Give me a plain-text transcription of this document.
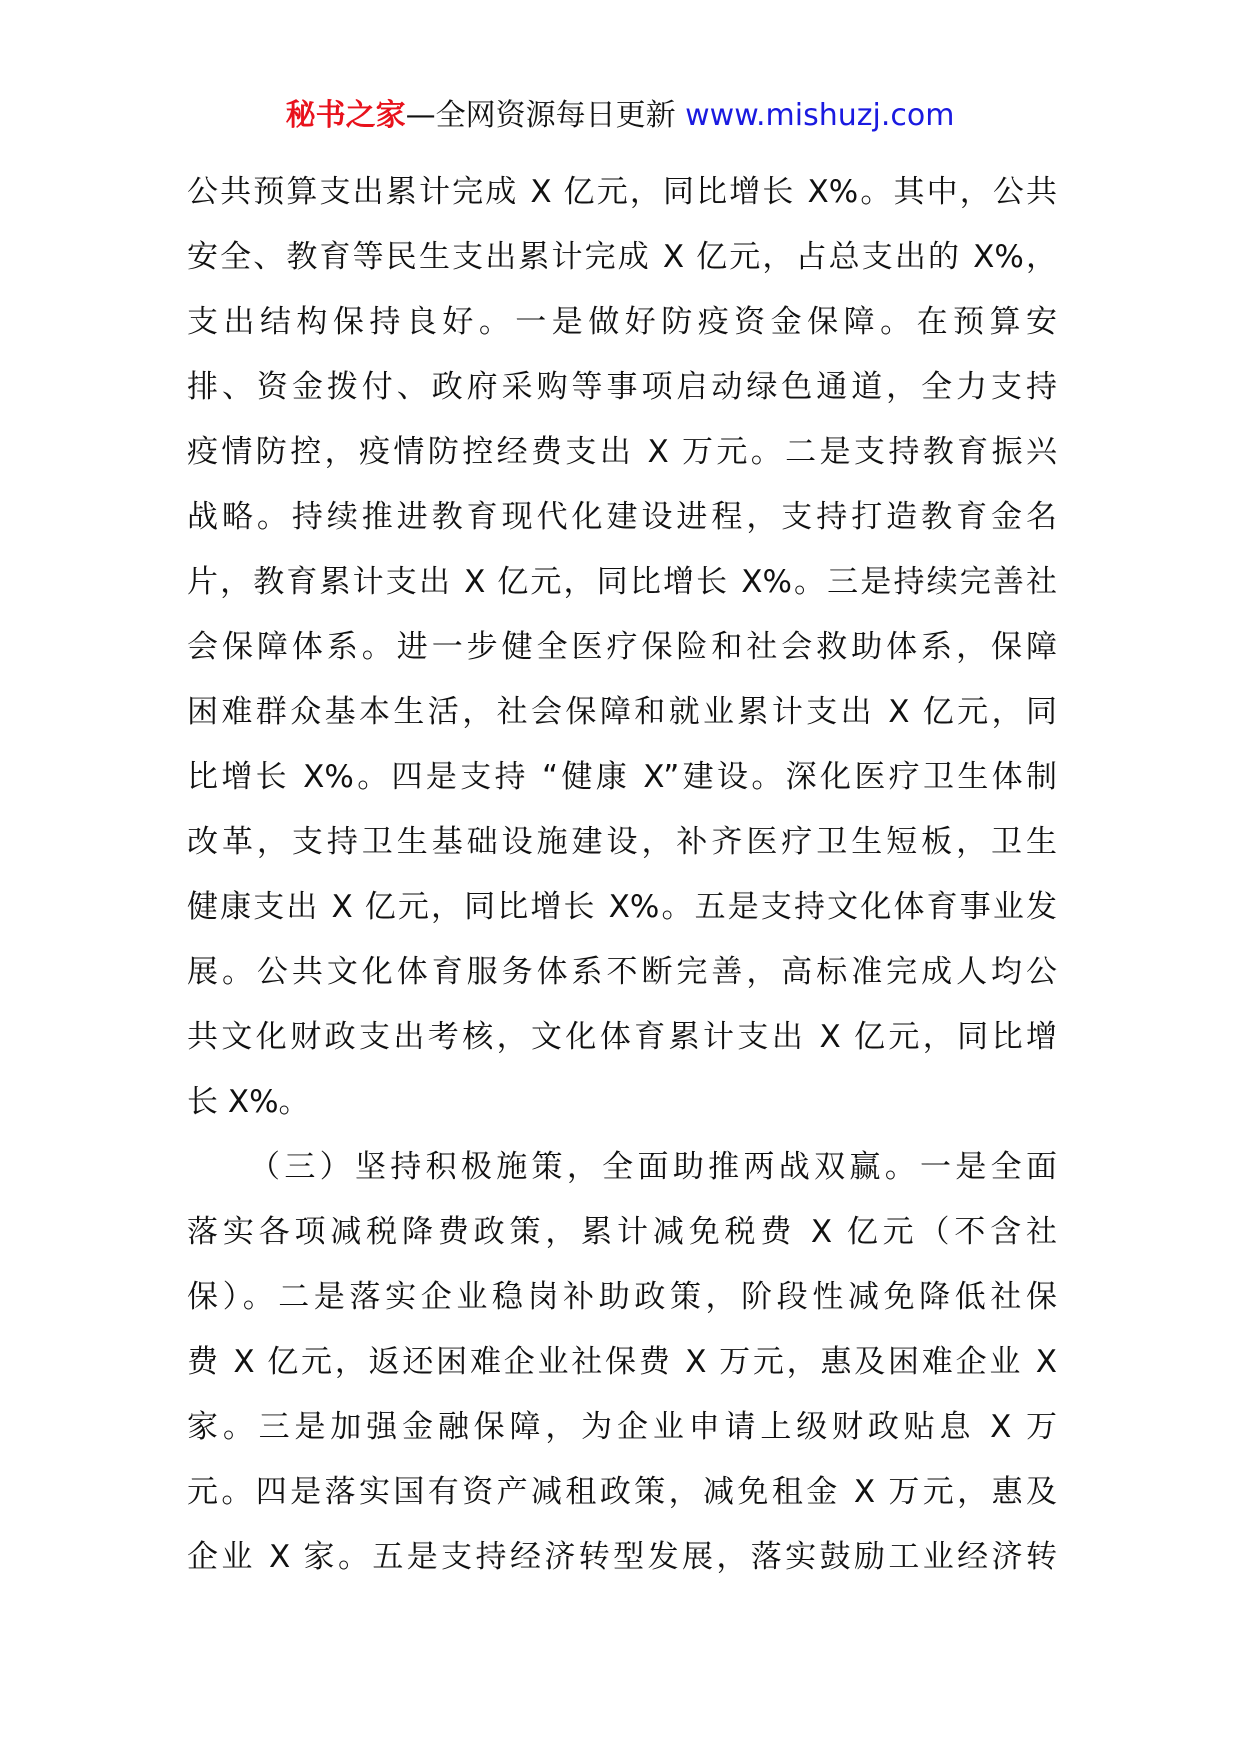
秘书之家—全网资源每日更新 www.mishuzj.com
公共预算支出累计完成 X 亿元，同比增长 X%。其中，公共
安全、教育等民生支出累计完成 X 亿元，占总支出的 X%，
支出结构保持良好。一是做好防疫资金保障。在预算安
排、资金拨付、政府采购等事项启动绿色通道，全力支持
疫情防控，疫情防控经费支出 X 万元。二是支持教育振兴
战略。持续推进教育现代化建设进程，支持打造教育金名
片，教育累计支出 X 亿元，同比增长 X%。三是持续完善社
会保障体系。进一步健全医疗保险和社会救助体系，保障
困难群众基本生活，社会保障和就业累计支出 X 亿元，同
比增长 X%。四是支持 “健康 X”建设。深化医疗卫生体制
改革，支持卫生基础设施建设，补齐医疗卫生短板，卫生
健康支出 X 亿元，同比增长 X%。五是支持文化体育事业发
展。公共文化体育服务体系不断完善，高标准完成人均公
共文化财政支出考核，文化体育累计支出 X 亿元，同比增
长 X%。
（三）坚持积极施策，全面助推两战双赢。一是全面
落实各项减税降费政策，累计减免税费 X 亿元（不含社
保）。二是落实企业稳岗补助政策，阶段性减免降低社保
费 X 亿元，返还困难企业社保费 X 万元，惠及困难企业 X
家。三是加强金融保障，为企业申请上级财政贴息 X 万
元。四是落实国有资产减租政策，减免租金 X 万元，惠及
企业 X 家。五是支持经济转型发展，落实鼓励工业经济转
